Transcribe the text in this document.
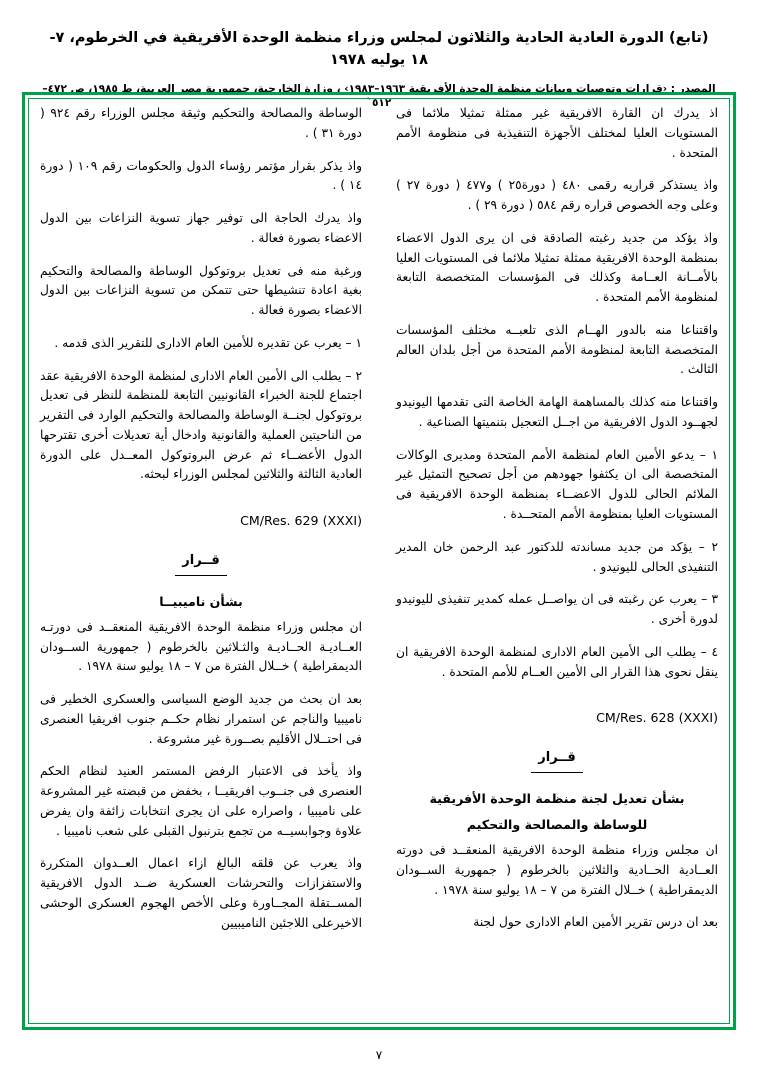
(تابع) الدورة العادية الحادية والثلاثون لمجلس وزراء منظمة الوحدة الأفريقية في الخرطوم، ٧- ١٨ يوليه ١٩٧٨
المصدر : ‹قرارات وتوصيات وبيانات منظمة الوحدة الأفريقية ١٩٦٣–١٩٨٣› ، وزارة الخارجية، جمهورية مصر العربية، ط ١٩٨٥، ص ٤٧٢–٥١٢`
اذ يدرك ان القارة الافريقية غير ممثلة تمثيلا ملائما فى المستويات العليا لمختلف الأجهزة التنفيذية فى منظومة الأمم المتحدة .
واذ يستذكر قراريه رقمى ٤٨٠ ( دورة٢٥ ) و٤٧٧ ( دورة ٢٧ ) وعلى وجه الخصوص قراره رقم ٥٨٤ ( دورة ٢٩ ) .
واذ يؤكد من جديد رغبته الصادقة فى ان يرى الدول الاعضاء بمنظمة الوحدة الافريقية ممثلة تمثيلا ملائما فى المستويات العليا بالأمــانة العــامة وكذلك فى المؤسسات المتخصصة التابعة لمنظومة الأمم المتحدة .
واقتناعا منه بالدور الهــام الذى تلعبــه مختلف المؤسسات المتخصصة التابعة لمنظومة الأمم المتحدة من أجل بلدان العالم الثالث .
واقتناعا منه كذلك بالمساهمة الهامة الخاصة التى تقدمها اليونيدو لجهــود الدول الافريقية من اجــل التعجيل بتنميتها الصناعية .
١ – يدعو الأمين العام لمنظمة الأمم المتحدة ومديرى الوكالات المتخصصة الى ان يكثفوا جهودهم من أجل تصحيح التمثيل غير الملائم الحالى للدول الاعضــاء بمنظمة الوحدة الافريقية فى المستويات العليا بمنظومة الأمم المتحــدة .
٢ – يؤكد من جديد مساندته للدكتور عبد الرحمن خان المدير التنفيذى الحالى لليونيدو .
٣ – يعرب عن رغبته فى ان يواصــل عمله كمدير تنفيذى لليونيدو لدورة أخرى .
٤ – يطلب الى الأمين العام الادارى لمنظمة الوحدة الافريقية ان ينقل نحوى هذا القرار الى الأمين العــام للأمم المتحدة .
CM/Res. 628 (XXXI)
قــرار
بشأن تعديل لجنة منظمة الوحدة الأفريقية
للوساطة والمصالحة والتحكيم
ان مجلس وزراء منظمة الوحدة الافريقية المنعقــد فى دورته العــادية الحــادية والثلاثين بالخرطوم ( جمهورية الســودان الديمقراطية ) خــلال الفترة من ٧ – ١٨ يوليو سنة ١٩٧٨ .
بعد ان درس تقرير الأمين العام الادارى حول لجنة
الوساطة والمصالحة والتحكيم وثيقة مجلس الوزراء رقم ٩٢٤ ( دورة ٣١ ) .
واذ يذكر بقرار مؤتمر رؤساء الدول والحكومات رقم ١٠٩ ( دورة ١٤ ) .
واذ يدرك الحاجة الى توفير جهاز تسوية النزاعات بين الدول الاعضاء بصورة فعالة .
ورغبة منه فى تعديل بروتوكول الوساطة والمصالحة والتحكيم بغية اعادة تنشيطها حتى تتمكن من تسوية النزاعات بين الدول الاعضاء بصورة فعالة .
١ – يعرب عن تقديره للأمين العام الادارى للتقرير الذى قدمه .
٢ – يطلب الى الأمين العام الادارى لمنظمة الوحدة الافريقية عقد اجتماع للجنة الخبراء القانونيين التابعة للمنظمة للنظر فى تعديل بروتوكول لجنــة الوساطة والمصالحة والتحكيم الوارد فى التقرير من الناحيتين العملية والقانونية وادخال أية تعديلات أخرى تقترحها الدول الأعضــاء ثم عرض البروتوكول المعــدل على الدورة العادية الثالثة والثلاثين لمجلس الوزراء لبحثه.
CM/Res. 629 (XXXI)
قــرار
بشأن ناميبيــا
ان مجلس وزراء منظمة الوحدة الافريقية المنعقــد فى دورتـه العــاديـة الحــاديـة والثـلاثين بالخرطوم ( جمهورية الســودان الديمقراطية ) خــلال الفترة من ٧ – ١٨ يوليو سنة ١٩٧٨ .
بعد ان بحث من جديد الوضع السياسى والعسكرى الخطير فى ناميبيا والناجم عن استمرار نظام حكــم جنوب افريقيا العنصرى فى احتــلال الأقليم بصــورة غير مشروعة .
واذ يأخذ فى الاعتبار الرفض المستمر العنيد لنظام الحكم العنصرى فى جنــوب افريقيــا ، بخفض من قبضته غير المشروعة على ناميبيا ، واصراره على ان يجرى انتخابات زائفة وان يفرض علاوة وجوابسيــه من تجمع بترنبول القبلى على شعب ناميبيا .
واذ يعرب عن قلقه البالغ ازاء اعمال العــدوان المتكررة والاستفزازات والتحرشات العسكرية ضــد الدول الافريقية المســتقلة المجــاورة وعلى الأخص الهجوم العسكرى الوحشى الاخيرعلى اللاجئين الناميبيين
٧
